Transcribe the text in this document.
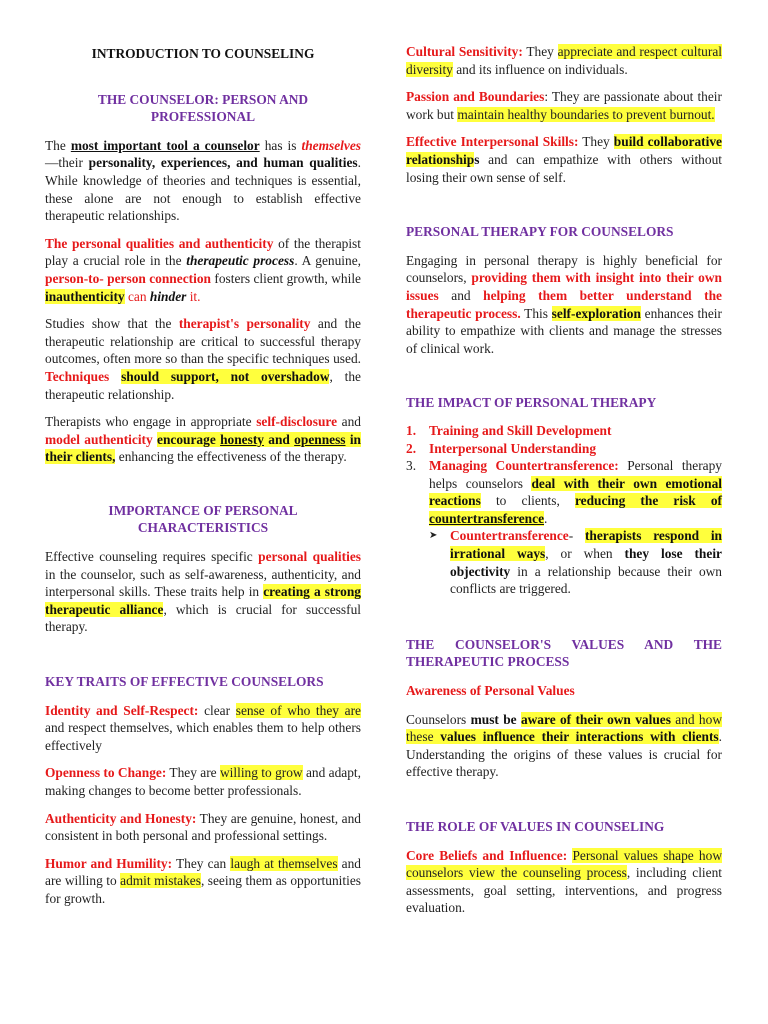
INTRODUCTION TO COUNSELING

THE COUNSELOR: PERSON AND PROFESSIONAL

The most important tool a counselor has is themselves —their personality, experiences, and human qualities. While knowledge of theories and techniques is essential, these alone are not enough to establish effective therapeutic relationships.

The personal qualities and authenticity of the therapist play a crucial role in the therapeutic process. A genuine, person-to- person connection fosters client growth, while inauthenticity can hinder it.

Studies show that the therapist's personality and the therapeutic relationship are critical to successful therapy outcomes, often more so than the specific techniques used. Techniques should support, not overshadow, the therapeutic relationship.

Therapists who engage in appropriate self-disclosure and model authenticity encourage honesty and openness in their clients, enhancing the effectiveness of the therapy.

IMPORTANCE OF PERSONAL CHARACTERISTICS

Effective counseling requires specific personal qualities in the counselor, such as self-awareness, authenticity, and interpersonal skills. These traits help in creating a strong therapeutic alliance, which is crucial for successful therapy.

KEY TRAITS OF EFFECTIVE COUNSELORS

Identity and Self-Respect: clear sense of who they are and respect themselves, which enables them to help others effectively

Openness to Change: They are willing to grow and adapt, making changes to become better professionals.

Authenticity and Honesty: They are genuine, honest, and consistent in both personal and professional settings.

Humor and Humility: They can laugh at themselves and are willing to admit mistakes, seeing them as opportunities for growth.

Cultural Sensitivity: They appreciate and respect cultural diversity and its influence on individuals.

Passion and Boundaries: They are passionate about their work but maintain healthy boundaries to prevent burnout.

Effective Interpersonal Skills: They build collaborative relationships and can empathize with others without losing their own sense of self.

PERSONAL THERAPY FOR COUNSELORS

Engaging in personal therapy is highly beneficial for counselors, providing them with insight into their own issues and helping them better understand the therapeutic process. This self-exploration enhances their ability to empathize with clients and manage the stresses of clinical work.

THE IMPACT OF PERSONAL THERAPY

1. Training and Skill Development
2. Interpersonal Understanding
3. Managing Countertransference: Personal therapy helps counselors deal with their own emotional reactions to clients, reducing the risk of countertransference.
➤ Countertransference- therapists respond in irrational ways, or when they lose their objectivity in a relationship because their own conflicts are triggered.

THE COUNSELOR'S VALUES AND THE THERAPEUTIC PROCESS

Awareness of Personal Values

Counselors must be aware of their own values and how these values influence their interactions with clients. Understanding the origins of these values is crucial for effective therapy.

THE ROLE OF VALUES IN COUNSELING

Core Beliefs and Influence: Personal values shape how counselors view the counseling process, including client assessments, goal setting, interventions, and progress evaluation.
